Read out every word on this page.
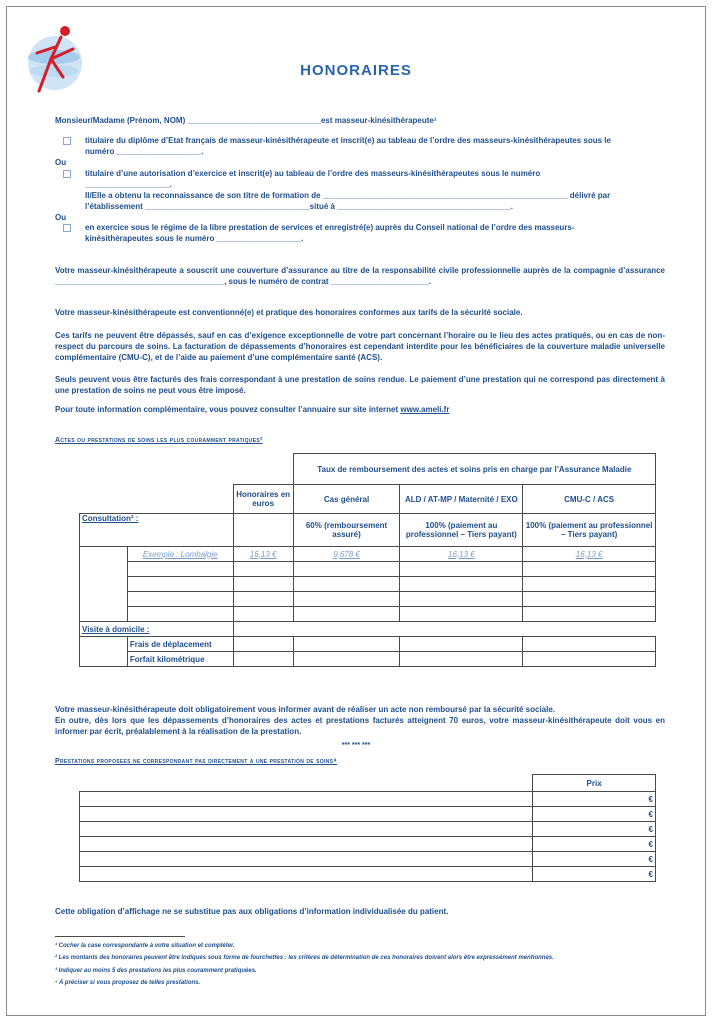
HONORAIRES
Monsieur/Madame (Prénom, NOM) ______________________________est masseur-kinésithérapeute¹
titulaire du diplôme d’Etat français de masseur-kinésithérapeute et inscrit(e) au tableau de l’ordre des masseurs-kinésithérapeutes sous le
numéro ___________________.
Ou
titulaire d’une autorisation d’exercice et inscrit(e) au tableau de l’ordre des masseurs-kinésithérapeutes sous le numéro
___________________.
Il/Elle a obtenu la reconnaissance de son titre de formation de _______________________________________________________ délivré par
l’établissement _____________________________________situé à _______________________________________.
Ou
en exercice sous le régime de la libre prestation de services et enregistré(e) auprès du Conseil national de l’ordre des masseurs-
kinésithérapeutes sous le numéro ___________________.
Votre masseur-kinésithérapeute a souscrit une couverture d’assurance au titre de la responsabilité civile professionnelle auprès de la compagnie d’assurance ______________________________________, sous le numéro de contrat ______________________.
Votre masseur-kinésithérapeute est conventionné(e) et pratique des honoraires conformes aux tarifs de la sécurité sociale.
Ces tarifs ne peuvent être dépassés, sauf en cas d’exigence exceptionnelle de votre part concernant l’horaire ou le lieu des actes pratiqués, ou en cas de non-respect du parcours de soins. La facturation de dépassements d’honoraires est cependant interdite pour les bénéficiaires de la couverture maladie universelle complémentaire (CMU-C), et de l’aide au paiement d’une complémentaire santé (ACS).
Seuls peuvent vous être facturés des frais correspondant à une prestation de soins rendue. Le paiement d’une prestation qui ne correspond pas directement à une prestation de soins ne peut vous être imposé.
Pour toute information complémentaire, vous pouvez consulter l’annuaire sur site internet www.ameli.fr
Actes ou prestations de soins les plus couramment pratiques²
			Taux de remboursement des actes et soins pris en charge par l’Assurance Maladie		
		Honoraires en euros	Cas général	ALD / AT-MP / Maternité / EXO	CMU-C / ACS
Consultation² :			60% (remboursement assuré)	100% (paiement au professionnel – Tiers payant)	100% (paiement au professionnel – Tiers payant)
	Exemple : Lombalgie	16,13 €	9,678 €	16,13 €	16,13 €

Visite à domicile :					
	Frais de déplacement				
	Forfait kilométrique				
Votre masseur-kinésithérapeute doit obligatoirement vous informer avant de réaliser un acte non remboursé par la sécurité sociale.
En outre, dès lors que les dépassements d’honoraires des actes et prestations facturés atteignent 70 euros, votre masseur-kinésithérapeute doit vous en informer par écrit, préalablement à la réalisation de la prestation.
*** *** ***
Prestations proposees ne correspondant pas directement a une prestation de soins⁴
	Prix
	€
	€
	€
	€
	€
	€
Cette obligation d’affichage ne se substitue pas aux obligations d’information individualisée du patient.
¹ Cocher la case correspondante à votre situation et compléter.
² Les montants des honoraires peuvent être indiqués sous forme de fourchettes : les critères de détermination de ces honoraires doivent alors être expressément mentionnés.
³ Indiquer au moins 5 des prestations les plus couramment pratiquées.
⁴ A préciser si vous proposez de telles prestations.
